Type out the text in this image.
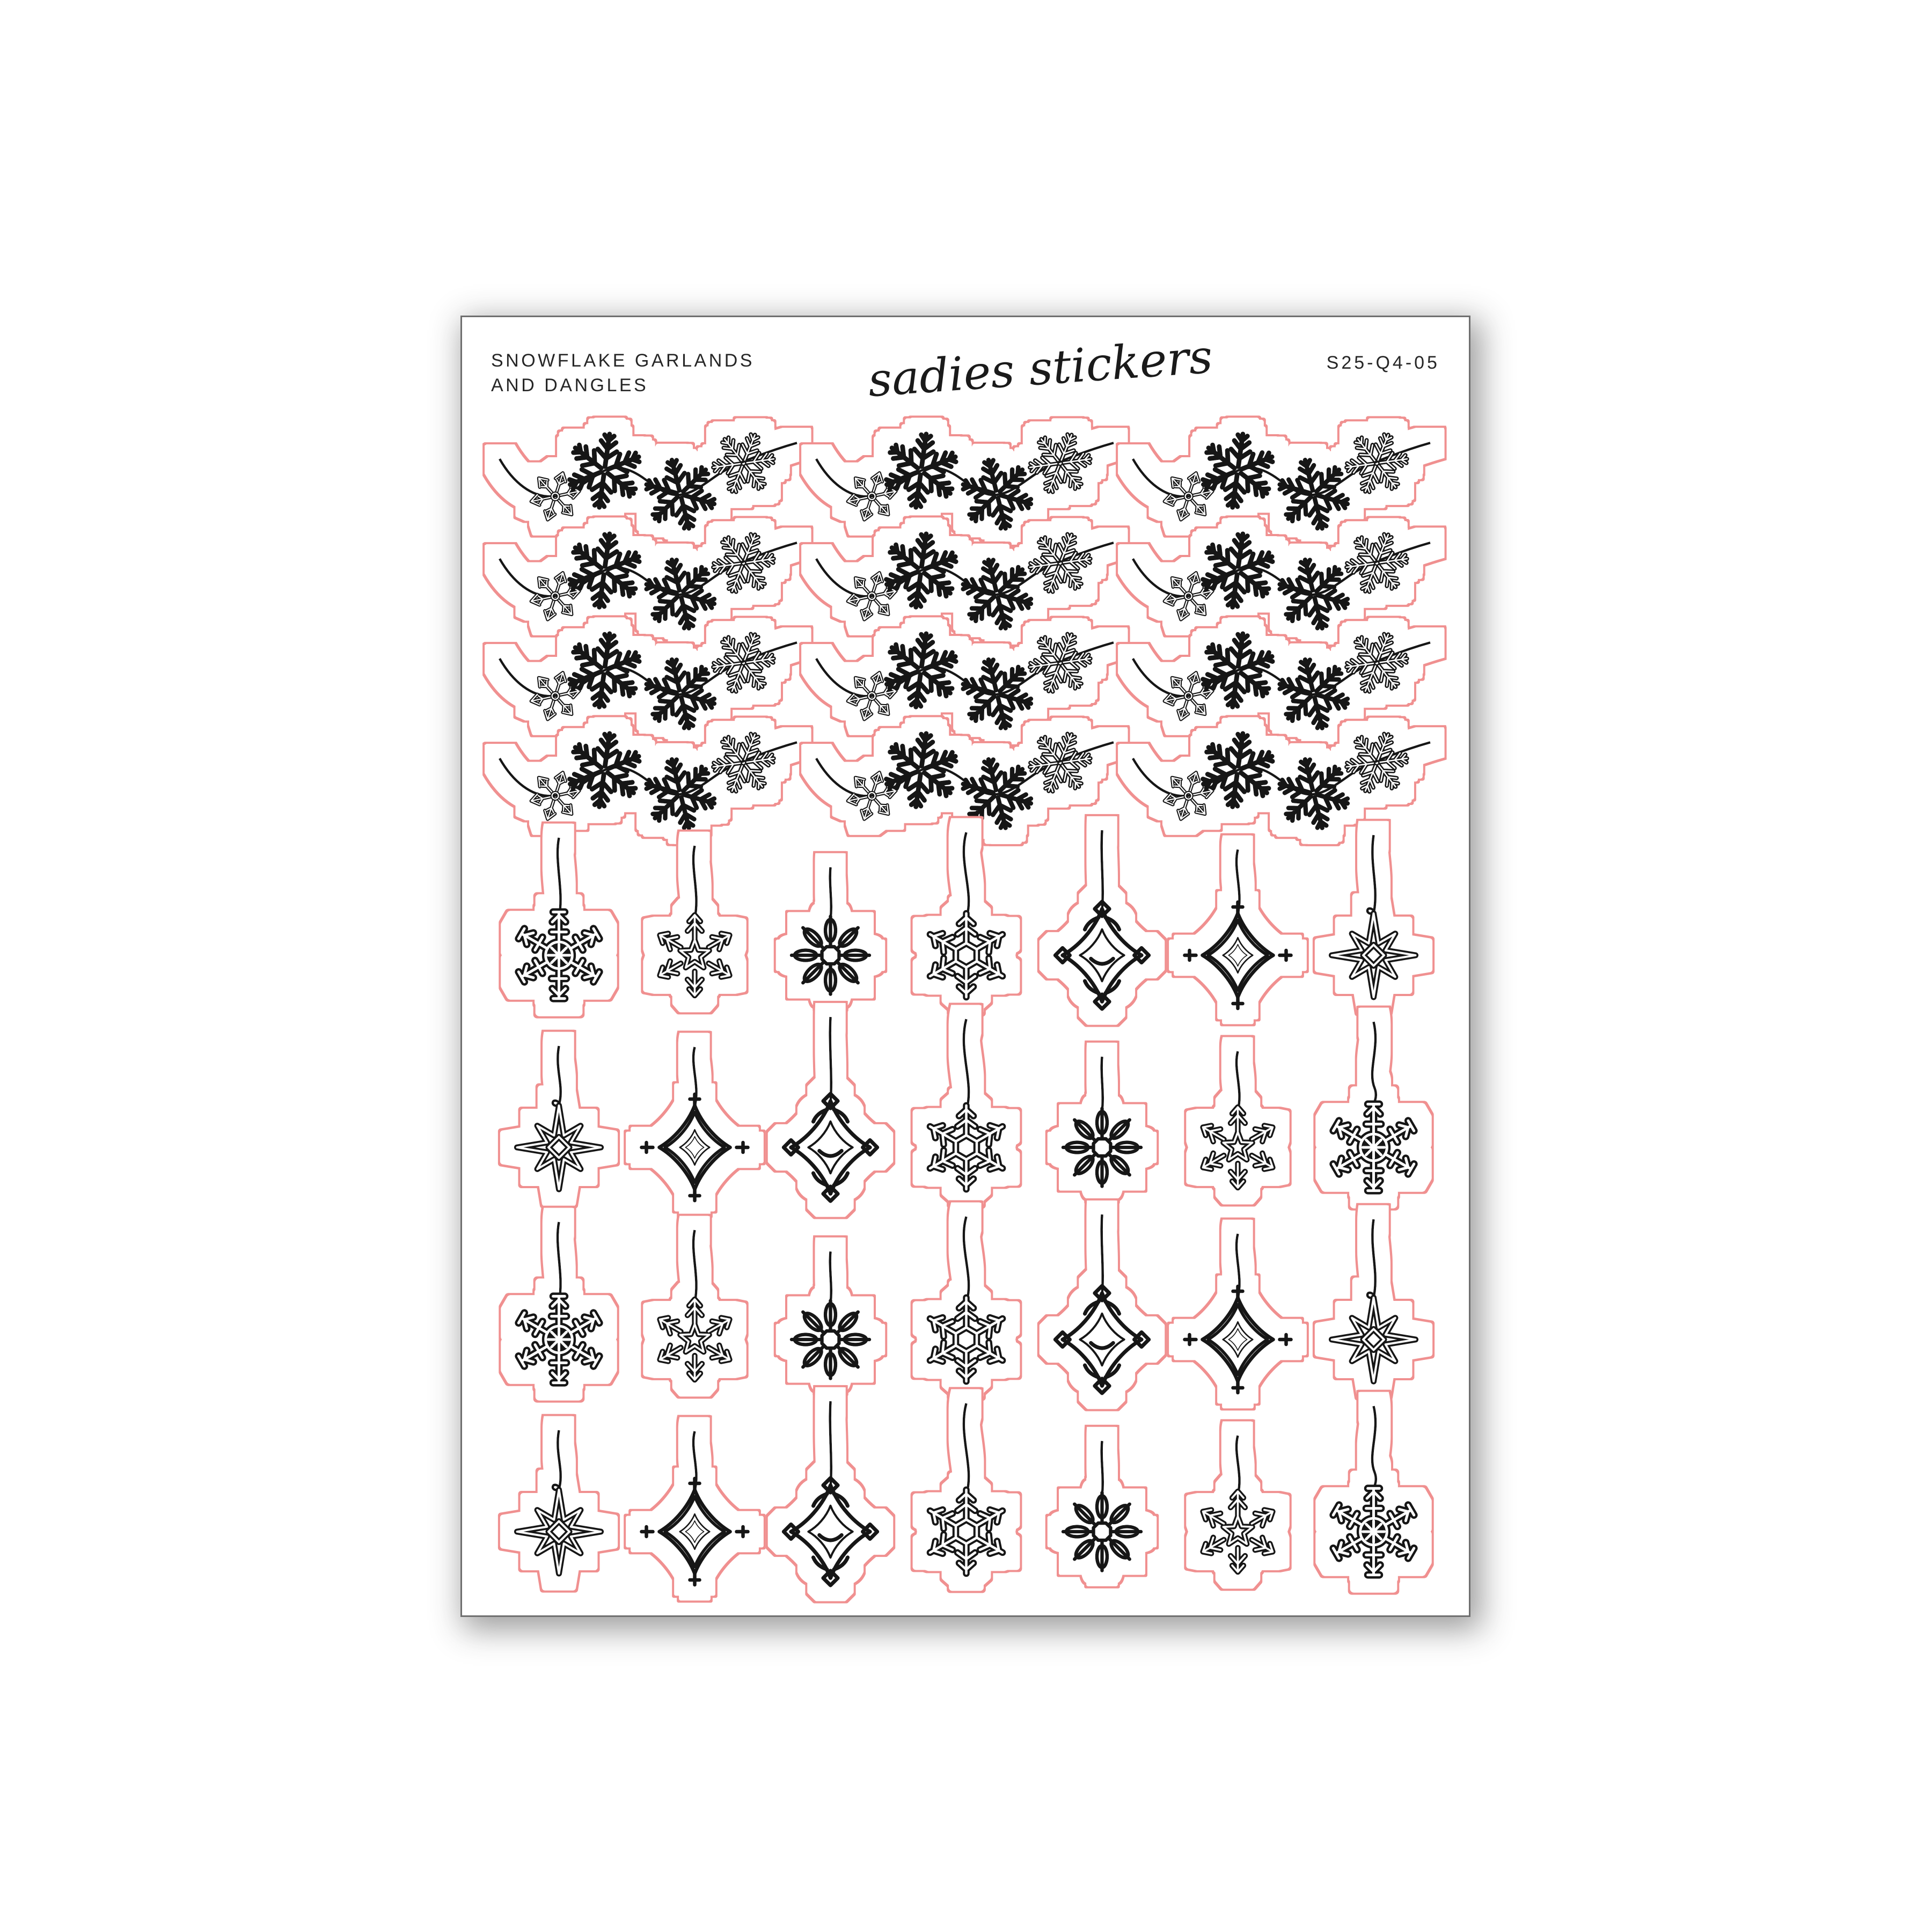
SNOWFLAKE GARLANDS
AND DANGLES	sadies stickers	S25-Q4-05
